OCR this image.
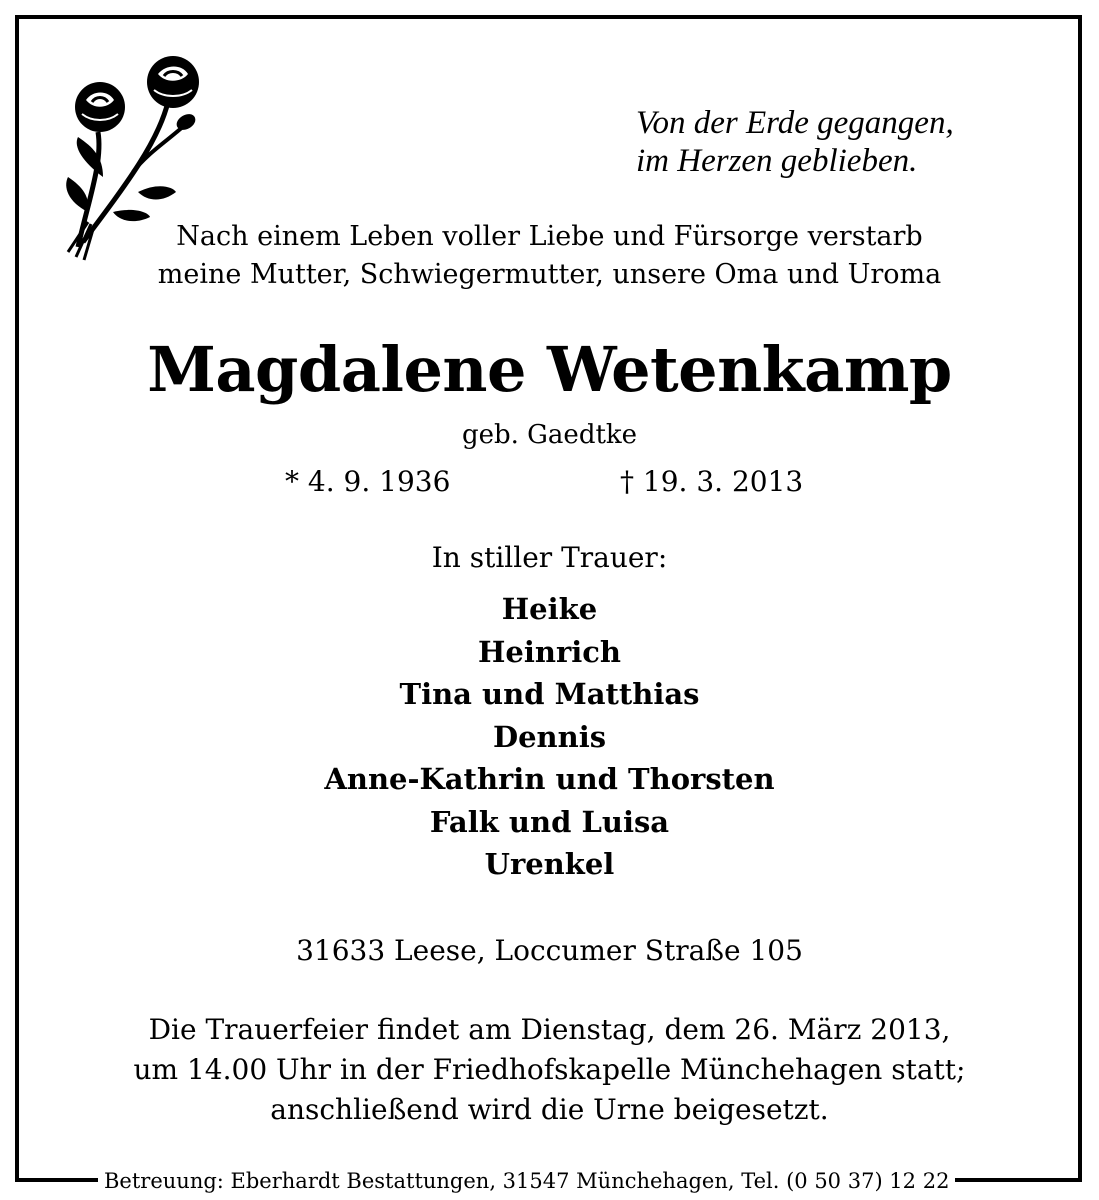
Von der Erde gegangen,
im Herzen geblieben.
Nach einem Leben voller Liebe und Fürsorge verstarb
meine Mutter, Schwiegermutter, unsere Oma und Uroma
Magdalene Wetenkamp
geb. Gaedtke
* 4. 9. 1936	† 19. 3. 2013
In stiller Trauer:
Heike
Heinrich
Tina und Matthias
Dennis
Anne-Kathrin und Thorsten
Falk und Luisa
Urenkel
31633 Leese, Loccumer Straße 105
Die Trauerfeier findet am Dienstag, dem 26. März 2013,
um 14.00 Uhr in der Friedhofskapelle Münchehagen statt;
anschließend wird die Urne beigesetzt.
Betreuung: Eberhardt Bestattungen, 31547 Münchehagen, Tel. (0 50 37) 12 22
